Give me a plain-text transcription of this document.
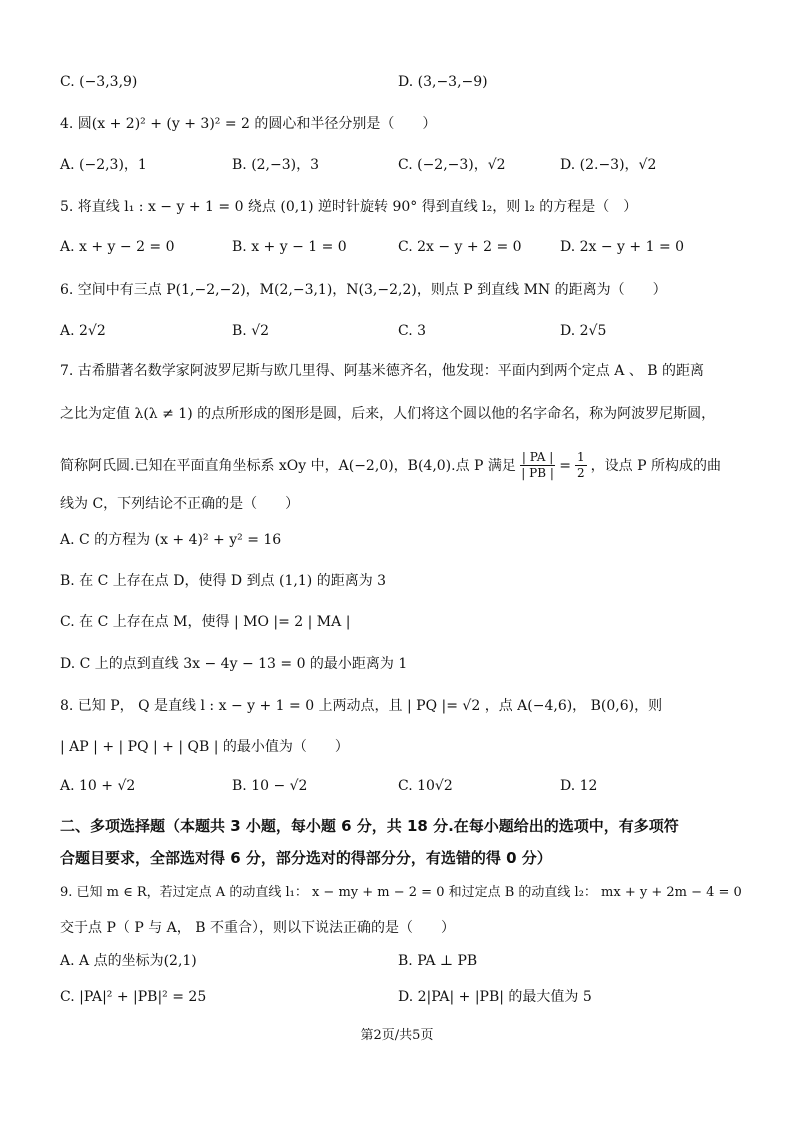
C. (−3,3,9)	D. (3,−3,−9)
4. 圆(x + 2)² + (y + 3)² = 2 的圆心和半径分别是（　　）
A. (−2,3)，1	B. (2,−3)，3	C. (−2,−3)，√2	D. (2.−3)，√2
5. 将直线 l₁ : x − y + 1 = 0 绕点 (0,1) 逆时针旋转 90° 得到直线 l₂，则 l₂ 的方程是（　）
A. x + y − 2 = 0	B. x + y − 1 = 0	C. 2x − y + 2 = 0	D. 2x − y + 1 = 0
6. 空间中有三点 P(1,−2,−2)，M(2,−3,1)，N(3,−2,2)，则点 P 到直线 MN 的距离为（　　）
A. 2√2	B. √2	C. 3	D. 2√5
7. 古希腊著名数学家阿波罗尼斯与欧几里得、阿基米德齐名，他发现：平面内到两个定点 A 、 B 的距离
之比为定值 λ(λ ≠ 1) 的点所形成的图形是圆，后来，人们将这个圆以他的名字命名，称为阿波罗尼斯圆，
简称阿氏圆.已知在平面直角坐标系 xOy 中，A(−2,0)，B(4,0).点 P 满足 $\frac{| PA |}{| PB |} = \frac{1}{2}$ ，设点 P 所构成的曲
线为 C，下列结论不正确的是（　　）
A. C 的方程为 (x + 4)² + y² = 16
B. 在 C 上存在点 D，使得 D 到点 (1,1) 的距离为 3
C. 在 C 上存在点 M，使得 | MO |= 2 | MA |
D. C 上的点到直线 3x − 4y − 13 = 0 的最小距离为 1
8. 已知 P， Q 是直线 l : x − y + 1 = 0 上两动点，且 | PQ |= √2 ，点 A(−4,6)， B(0,6)，则
| AP | + | PQ | + | QB | 的最小值为（　　）
A. 10 + √2	B. 10 − √2	C. 10√2	D. 12
二、多项选择题（本题共 3 小题，每小题 6 分，共 18 分.在每小题给出的选项中，有多项符
合题目要求，全部选对得 6 分，部分选对的得部分分，有选错的得 0 分）
9. 已知 m ∈ R，若过定点 A 的动直线 l₁： x − my + m − 2 = 0 和过定点 B 的动直线 l₂： mx + y + 2m − 4 = 0
交于点 P（ P 与 A， B 不重合），则以下说法正确的是（　　）
A. A 点的坐标为(2,1)	B. PA ⊥ PB
C. |PA|² + |PB|² = 25	D. 2|PA| + |PB| 的最大值为 5
第2页/共5页
